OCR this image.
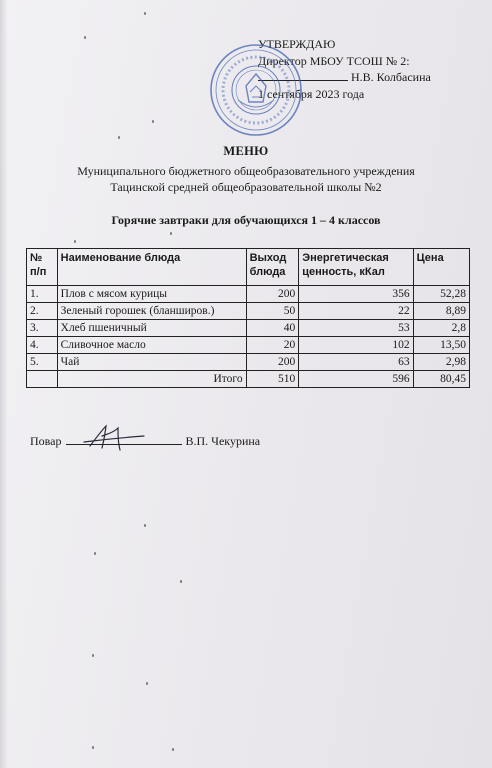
УТВЕРЖДАЮ
Директор МБОУ ТСОШ № 2:
Н.В. Колбасина
1 сентября 2023 года
МЕНЮ
Муниципального бюджетного общеобразовательного учреждения
Тацинской средней общеобразовательной школы №2
Горячие завтраки для обучающихся 1 – 4 классов
№ п/п	Наименование блюда	Выход блюда	Энергетическая ценность, кКал	Цена
1.	Плов с мясом курицы	200	356	52,28
2.	Зеленый горошек (бланширов.)	50	22	8,89
3.	Хлеб пшеничный	40	53	2,8
4.	Сливочное масло	20	102	13,50
5.	Чай	200	63	2,98
	Итого	510	596	80,45
Повар	В.П. Чекурина
